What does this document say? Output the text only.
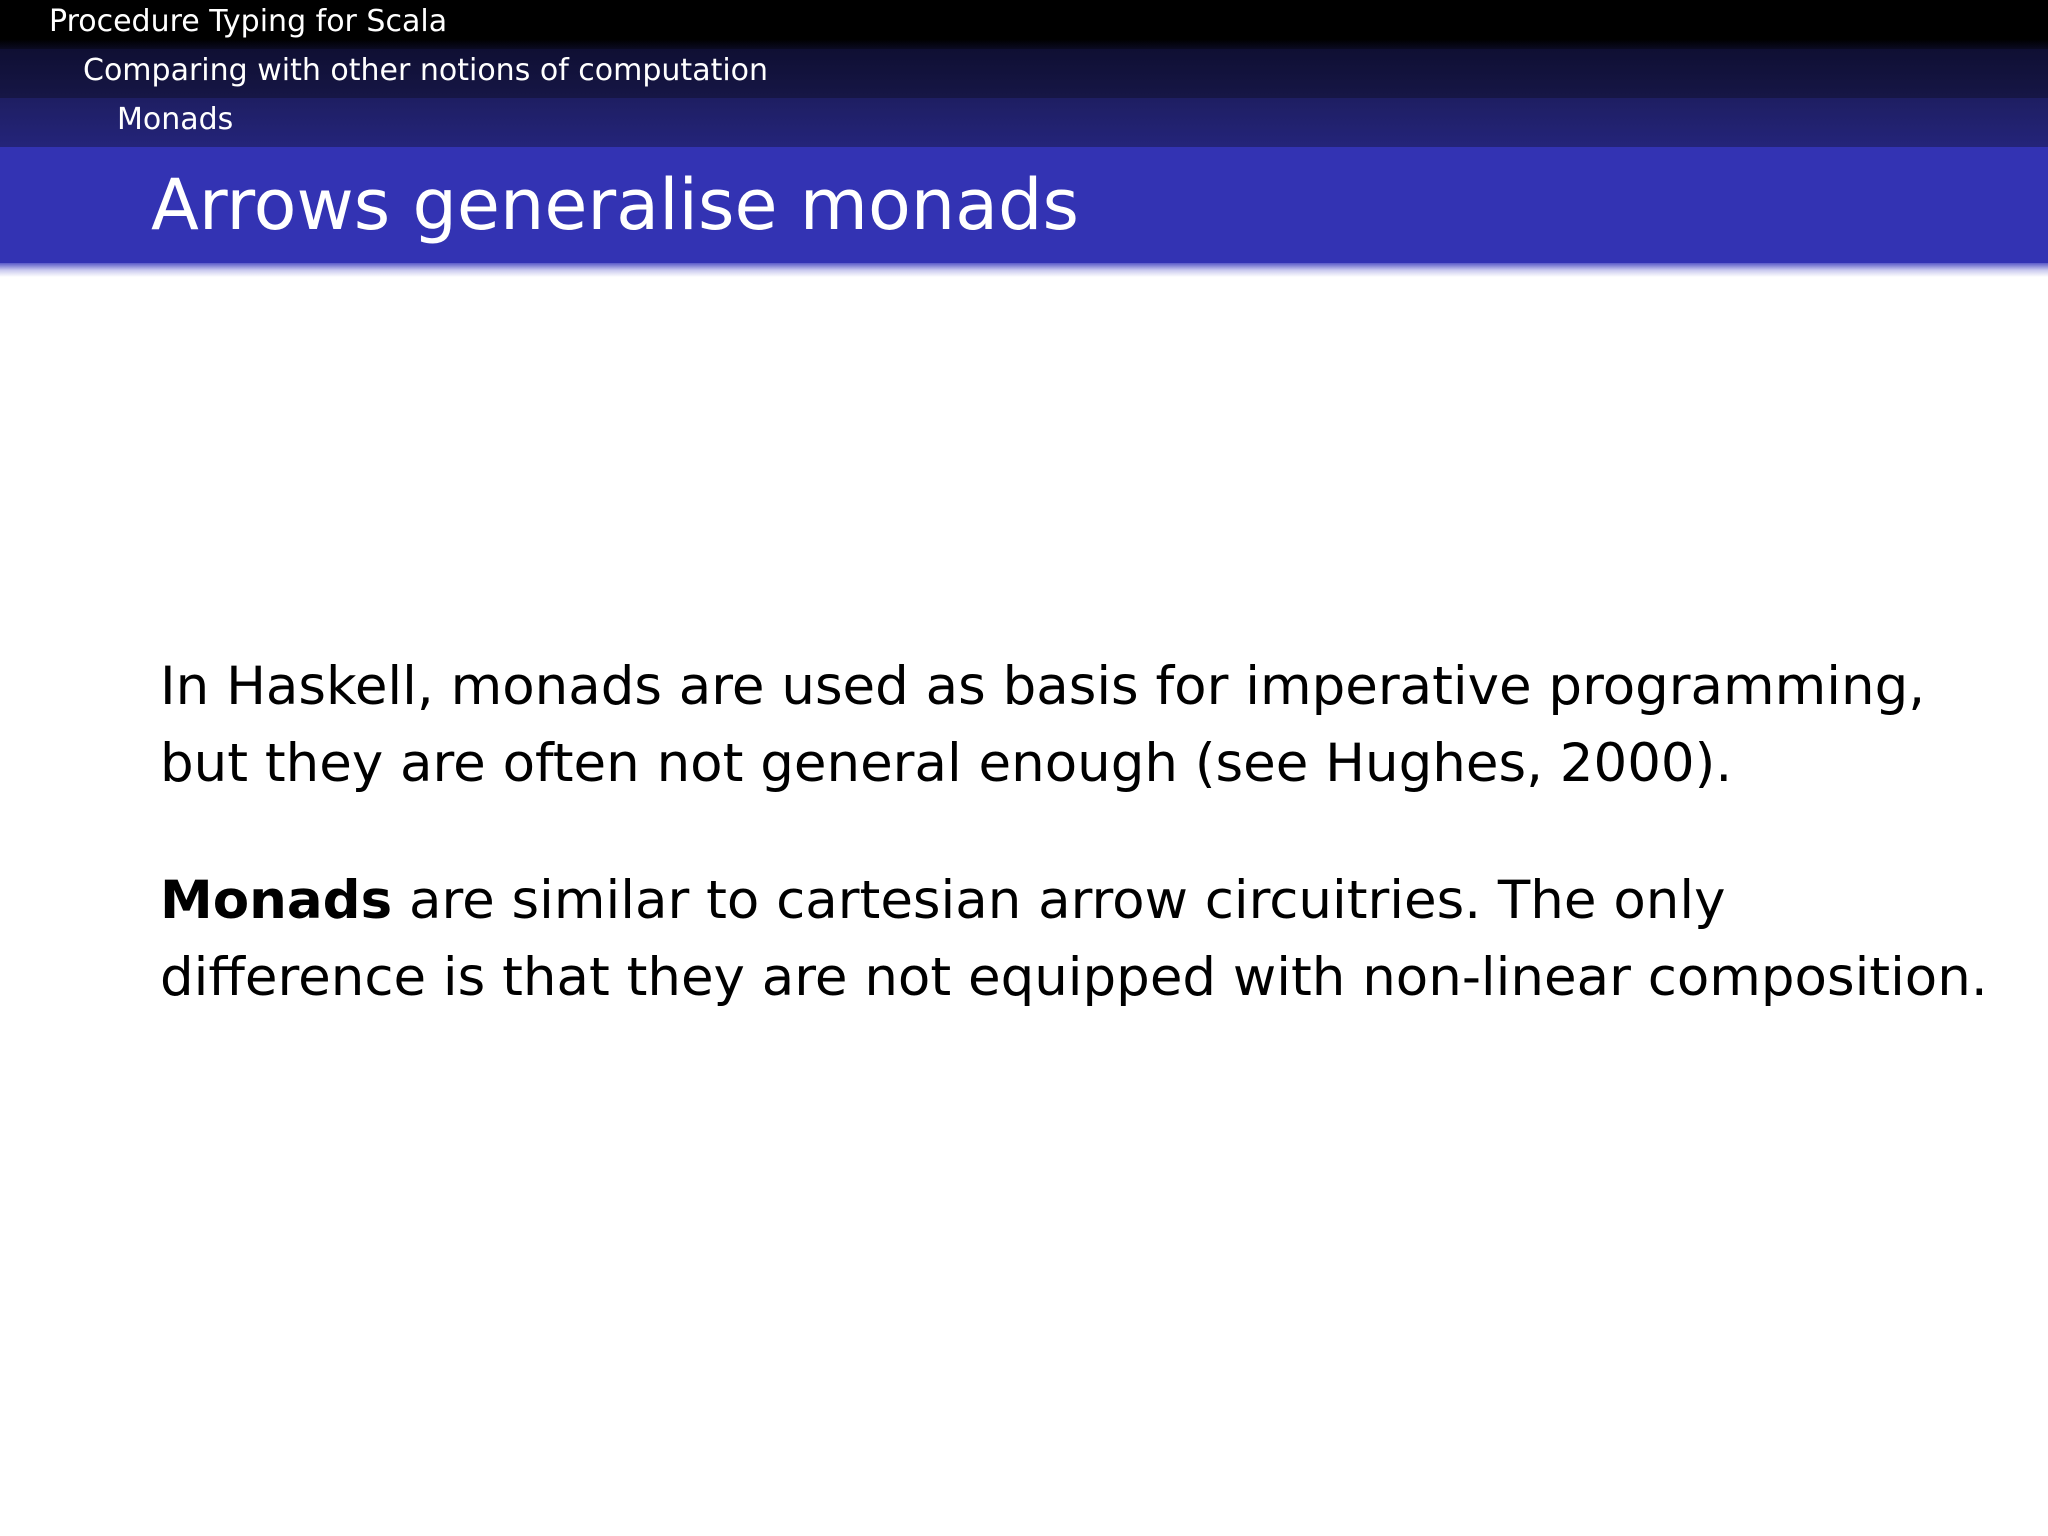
Procedure Typing for Scala
Comparing with other notions of computation
Monads
Arrows generalise monads

In Haskell, monads are used as basis for imperative programming,
but they are often not general enough (see Hughes, 2000).

Monads are similar to cartesian arrow circuitries. The only
difference is that they are not equipped with non-linear composition.
